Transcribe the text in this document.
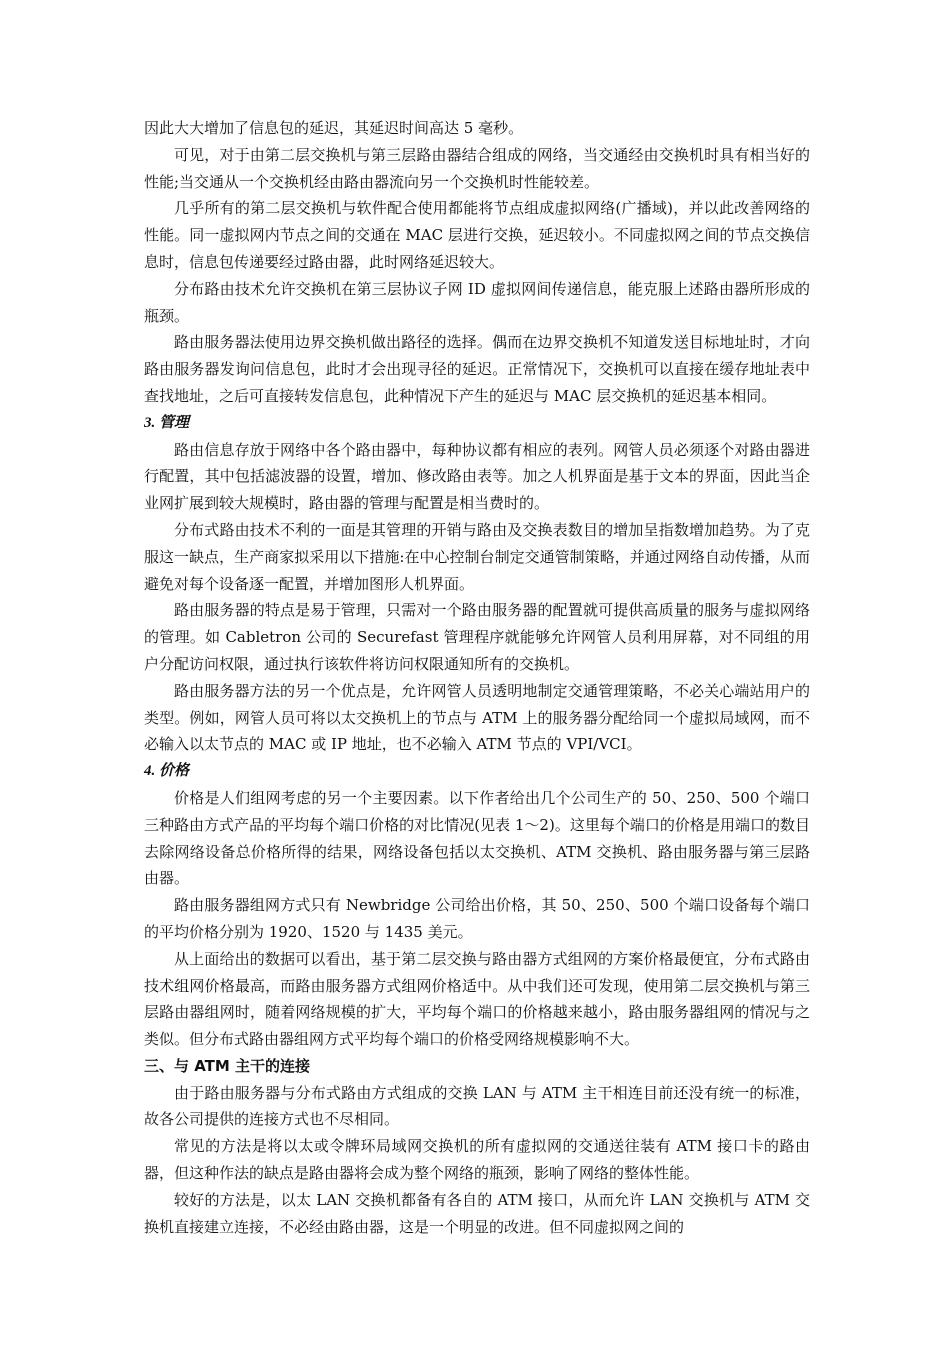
因此大大增加了信息包的延迟，其延迟时间高达 5 毫秒。

可见，对于由第二层交换机与第三层路由器结合组成的网络，当交通经由交换机时具有相当好的性能;当交通从一个交换机经由路由器流向另一个交换机时性能较差。

几乎所有的第二层交换机与软件配合使用都能将节点组成虚拟网络(广播域)，并以此改善网络的性能。同一虚拟网内节点之间的交通在 MAC 层进行交换，延迟较小。不同虚拟网之间的节点交换信息时，信息包传递要经过路由器，此时网络延迟较大。

分布路由技术允许交换机在第三层协议子网 ID 虚拟网间传递信息，能克服上述路由器所形成的瓶颈。

路由服务器法使用边界交换机做出路径的选择。偶而在边界交换机不知道发送目标地址时，才向路由服务器发询问信息包，此时才会出现寻径的延迟。正常情况下，交换机可以直接在缓存地址表中查找地址，之后可直接转发信息包，此种情况下产生的延迟与 MAC 层交换机的延迟基本相同。

3. 管理

路由信息存放于网络中各个路由器中，每种协议都有相应的表列。网管人员必须逐个对路由器进行配置，其中包括滤波器的设置，增加、修改路由表等。加之人机界面是基于文本的界面，因此当企业网扩展到较大规模时，路由器的管理与配置是相当费时的。

分布式路由技术不利的一面是其管理的开销与路由及交换表数目的增加呈指数增加趋势。为了克服这一缺点，生产商家拟采用以下措施:在中心控制台制定交通管制策略，并通过网络自动传播，从而避免对每个设备逐一配置，并增加图形人机界面。

路由服务器的特点是易于管理，只需对一个路由服务器的配置就可提供高质量的服务与虚拟网络的管理。如 Cabletron 公司的 Securefast 管理程序就能够允许网管人员利用屏幕，对不同组的用户分配访问权限，通过执行该软件将访问权限通知所有的交换机。

路由服务器方法的另一个优点是，允许网管人员透明地制定交通管理策略，不必关心端站用户的类型。例如，网管人员可将以太交换机上的节点与 ATM 上的服务器分配给同一个虚拟局域网，而不必输入以太节点的 MAC 或 IP 地址，也不必输入 ATM 节点的 VPI/VCI。

4. 价格

价格是人们组网考虑的另一个主要因素。以下作者给出几个公司生产的 50、250、500 个端口三种路由方式产品的平均每个端口价格的对比情况(见表 1～2)。这里每个端口的价格是用端口的数目去除网络设备总价格所得的结果，网络设备包括以太交换机、ATM 交换机、路由服务器与第三层路由器。

路由服务器组网方式只有 Newbridge 公司给出价格，其 50、250、500 个端口设备每个端口的平均价格分别为 1920、1520 与 1435 美元。

从上面给出的数据可以看出，基于第二层交换与路由器方式组网的方案价格最便宜，分布式路由技术组网价格最高，而路由服务器方式组网价格适中。从中我们还可发现，使用第二层交换机与第三层路由器组网时，随着网络规模的扩大，平均每个端口的价格越来越小，路由服务器组网的情况与之类似。但分布式路由器组网方式平均每个端口的价格受网络规模影响不大。

三、与 ATM 主干的连接

由于路由服务器与分布式路由方式组成的交换 LAN 与 ATM 主干相连目前还没有统一的标准，故各公司提供的连接方式也不尽相同。

常见的方法是将以太或令牌环局域网交换机的所有虚拟网的交通送往装有 ATM 接口卡的路由器，但这种作法的缺点是路由器将会成为整个网络的瓶颈，影响了网络的整体性能。

较好的方法是，以太 LAN 交换机都备有各自的 ATM 接口，从而允许 LAN 交换机与 ATM 交换机直接建立连接，不必经由路由器，这是一个明显的改进。但不同虚拟网之间的
